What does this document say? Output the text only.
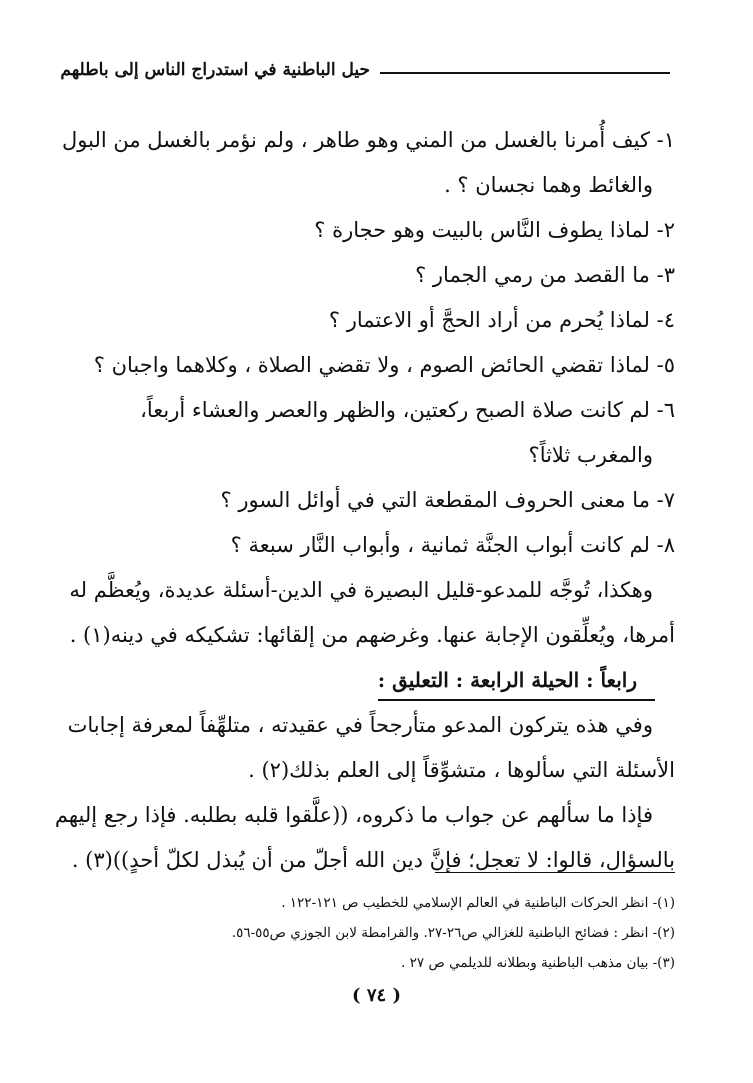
حيل الباطنية في استدراج الناس إلى باطلهم
١- كيف أُمرنا بالغسل من المني وهو طاهر ، ولم نؤمر بالغسل من البول
والغائط وهما نجسان ؟ .
٢- لماذا يطوف النَّاس بالبيت وهو حجارة ؟
٣- ما القصد من رمي الجمار ؟
٤- لماذا يُحرم من أراد الحجَّ أو الاعتمار ؟
٥- لماذا تقضي الحائض الصوم ، ولا تقضي الصلاة ، وكلاهما واجبان ؟
٦- لم كانت صلاة الصبح ركعتين، والظهر والعصر والعشاء أربعاً،
والمغرب ثلاثاً؟
٧- ما معنى الحروف المقطعة التي في أوائل السور ؟
٨- لم كانت أبواب الجنَّة ثمانية ، وأبواب النَّار سبعة ؟
وهكذا، تُوجَّه للمدعو-قليل البصيرة في الدين-أسئلة عديدة، ويُعظَّم له
أمرها، ويُعلِّقون الإجابة عنها. وغرضهم من إلقائها: تشكيكه في دينه(١) .
رابعاً : الحيلة الرابعة : التعليق :
وفي هذه يتركون المدعو متأرجحاً في عقيدته ، متلهِّفاً لمعرفة إجابات
الأسئلة التي سألوها ، متشوِّقاً إلى العلم بذلك(٢) .
فإذا ما سألهم عن جواب ما ذكروه، ((علَّقوا قلبه بطلبه. فإذا رجع إليهم
بالسؤال، قالوا: لا تعجل؛ فإنَّ دين الله أجلّ من أن يُبذل لكلّ أحدٍ))(٣) .
(١)- انظر الحركات الباطنية في العالم الإسلامي للخطيب ص ١٢١-١٢٢ .
(٢)- انظر : فضائح الباطنية للغزالي ص٢٦-٢٧. والقرامطة لابن الجوزي ص٥٥-٥٦.
(٣)- بيان مذهب الباطنية وبطلانه للديلمي ص ٢٧ .
( ٧٤ )
